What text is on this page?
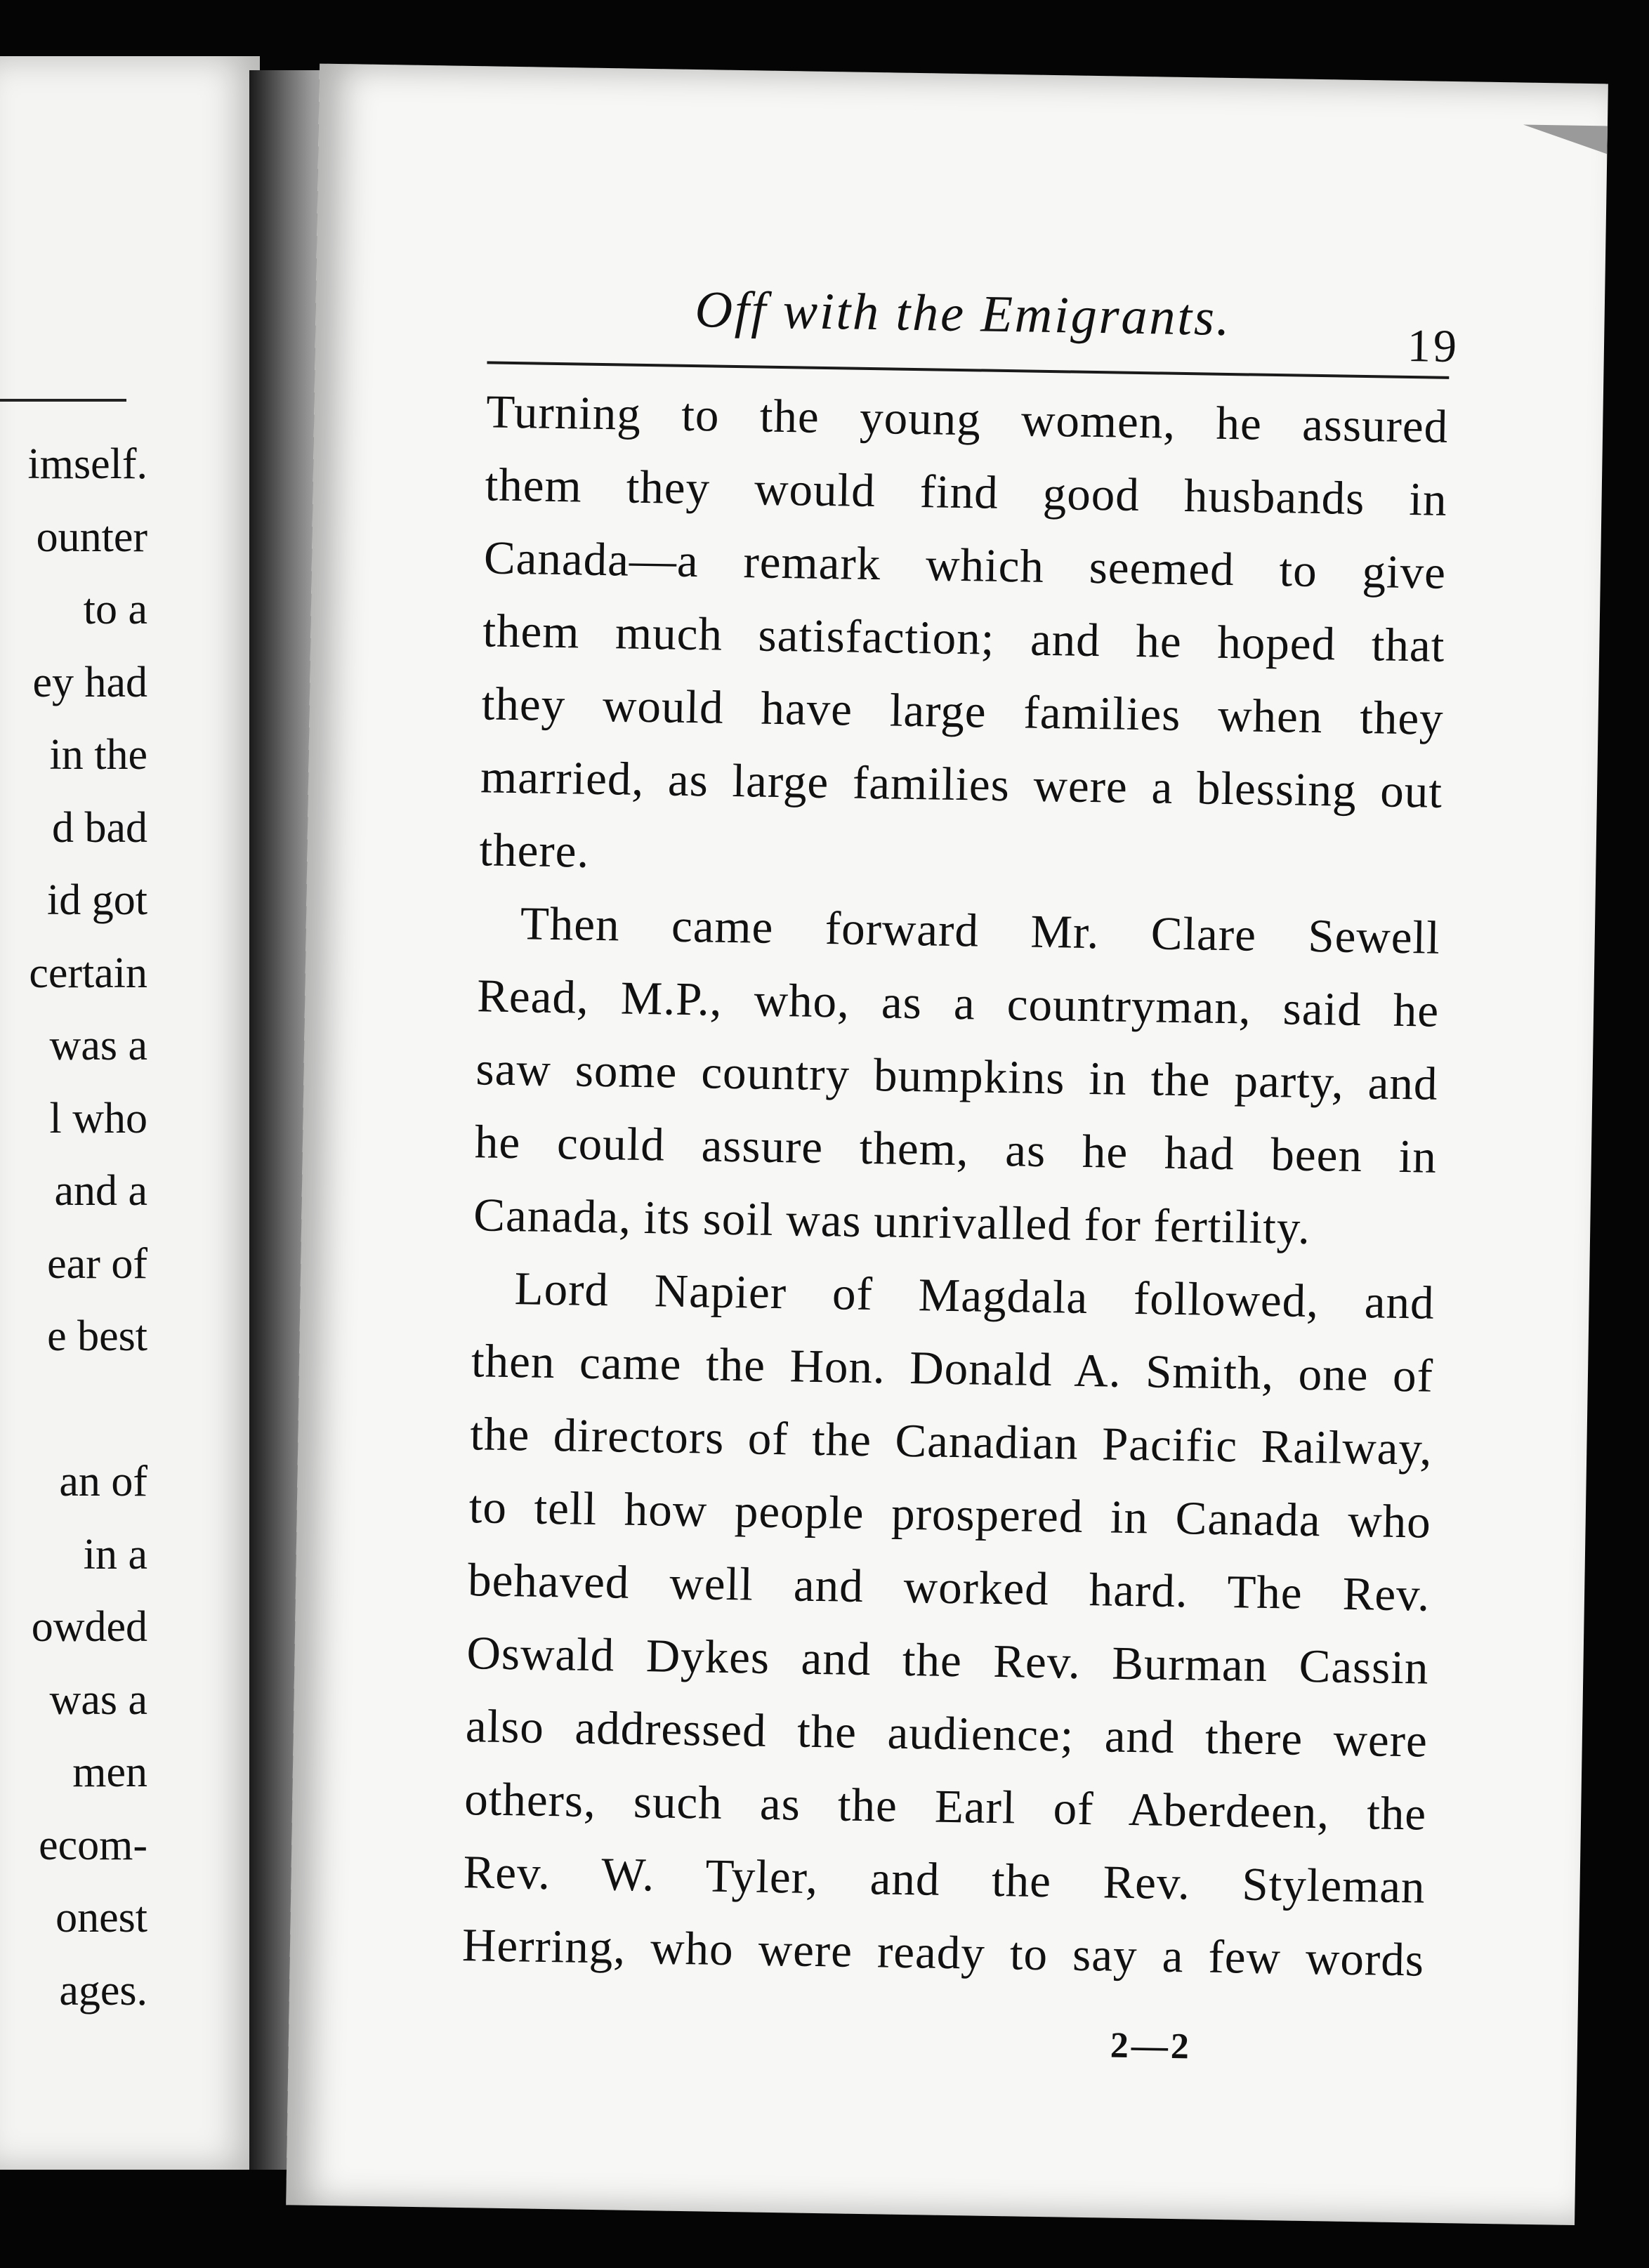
imself.
ounter
to a
ey had
in the
d bad
id got
certain
was a
l who
and a
ear of
e best
an of
in a
owded
was a
men
ecom-
onest
ages.
Off with the Emigrants.	19
Turning to the young women, he assured
them they would find good husbands in
Canada—a remark which seemed to give
them much satisfaction; and he hoped that
they would have large families when they
married, as large families were a blessing out
there.
Then came forward Mr. Clare Sewell
Read, M.P., who, as a countryman, said he
saw some country bumpkins in the party, and
he could assure them, as he had been in
Canada, its soil was unrivalled for fertility.
Lord Napier of Magdala followed, and
then came the Hon. Donald A. Smith, one of
the directors of the Canadian Pacific Railway,
to tell how people prospered in Canada who
behaved well and worked hard. The Rev.
Oswald Dykes and the Rev. Burman Cassin
also addressed the audience; and there were
others, such as the Earl of Aberdeen, the
Rev. W. Tyler, and the Rev. Styleman
Herring, who were ready to say a few words
2—2
